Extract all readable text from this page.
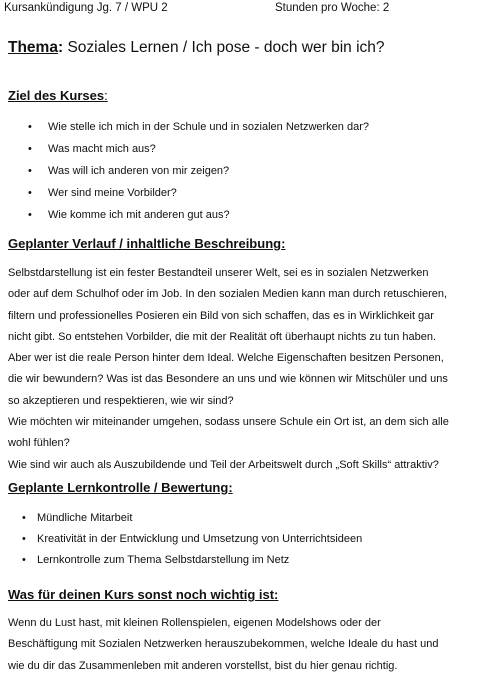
Kursankündigung Jg. 7 / WPU 2	Stunden pro Woche: 2
Thema: Soziales Lernen / Ich pose - doch wer bin ich?
Ziel des Kurses:
• Wie stelle ich mich in der Schule und in sozialen Netzwerken dar?
• Was macht mich aus?
• Was will ich anderen von mir zeigen?
• Wer sind meine Vorbilder?
• Wie komme ich mit anderen gut aus?
Geplanter Verlauf / inhaltliche Beschreibung:
Selbstdarstellung ist ein fester Bestandteil unserer Welt, sei es in sozialen Netzwerken
oder auf dem Schulhof oder im Job. In den sozialen Medien kann man durch retuschieren,
filtern und professionelles Posieren ein Bild von sich schaffen, das es in Wirklichkeit gar
nicht gibt. So entstehen Vorbilder, die mit der Realität oft überhaupt nichts zu tun haben.
Aber wer ist die reale Person hinter dem Ideal. Welche Eigenschaften besitzen Personen,
die wir bewundern? Was ist das Besondere an uns und wie können wir Mitschüler und uns
so akzeptieren und respektieren, wie wir sind?
Wie möchten wir miteinander umgehen, sodass unsere Schule ein Ort ist, an dem sich alle
wohl fühlen?
Wie sind wir auch als Auszubildende und Teil der Arbeitswelt durch „Soft Skills“ attraktiv?
Geplante Lernkontrolle / Bewertung:
• Mündliche Mitarbeit
• Kreativität in der Entwicklung und Umsetzung von Unterrichtsideen
• Lernkontrolle zum Thema Selbstdarstellung im Netz
Was für deinen Kurs sonst noch wichtig ist:
Wenn du Lust hast, mit kleinen Rollenspielen, eigenen Modelshows oder der
Beschäftigung mit Sozialen Netzwerken herauszubekommen, welche Ideale du hast und
wie du dir das Zusammenleben mit anderen vorstellst, bist du hier genau richtig.
